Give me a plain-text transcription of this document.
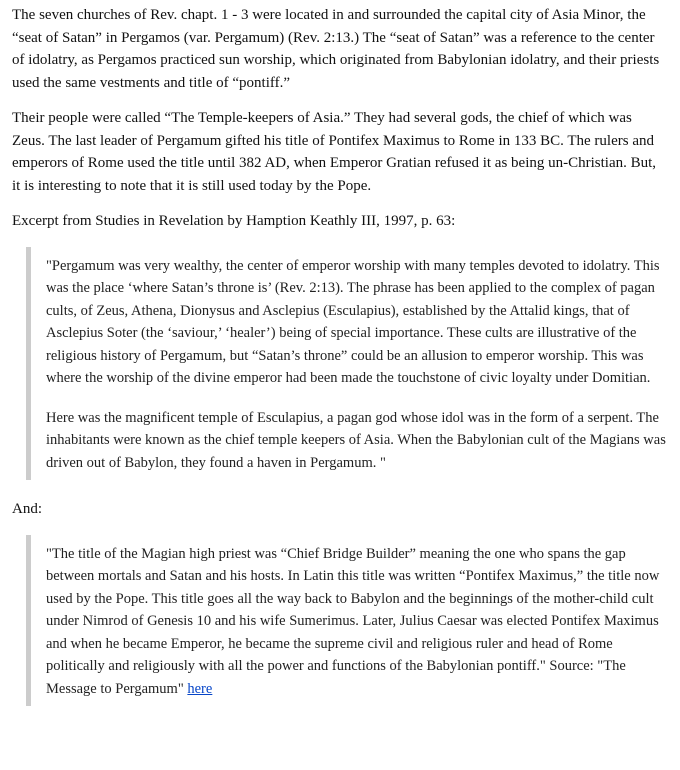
The seven churches of Rev. chapt. 1 - 3 were located in and surrounded the capital city of Asia Minor, the “seat of Satan” in Pergamos (var. Pergamum) (Rev. 2:13.) The “seat of Satan” was a reference to the center of idolatry, as Pergamos practiced sun worship, which originated from Babylonian idolatry, and their priests used the same vestments and title of “pontiff.”

Their people were called “The Temple-keepers of Asia.” They had several gods, the chief of which was Zeus. The last leader of Pergamum gifted his title of Pontifex Maximus to Rome in 133 BC. The rulers and emperors of Rome used the title until 382 AD, when Emperor Gratian refused it as being un-Christian. But, it is interesting to note that it is still used today by the Pope.

Excerpt from Studies in Revelation by Hamption Keathly III, 1997, p. 63:

"Pergamum was very wealthy, the center of emperor worship with many temples devoted to idolatry. This was the place ‘where Satan’s throne is’ (Rev. 2:13). The phrase has been applied to the complex of pagan cults, of Zeus, Athena, Dionysus and Asclepius (Esculapius), established by the Attalid kings, that of Asclepius Soter (the ‘saviour,’ ‘healer’) being of special importance. These cults are illustrative of the religious history of Pergamum, but “Satan’s throne” could be an allusion to emperor worship. This was where the worship of the divine emperor had been made the touchstone of civic loyalty under Domitian.

Here was the magnificent temple of Esculapius, a pagan god whose idol was in the form of a serpent. The inhabitants were known as the chief temple keepers of Asia. When the Babylonian cult of the Magians was driven out of Babylon, they found a haven in Pergamum. "

And:

"The title of the Magian high priest was “Chief Bridge Builder” meaning the one who spans the gap between mortals and Satan and his hosts. In Latin this title was written “Pontifex Maximus,” the title now used by the Pope. This title goes all the way back to Babylon and the beginnings of the mother-child cult under Nimrod of Genesis 10 and his wife Sumerimus. Later, Julius Caesar was elected Pontifex Maximus and when he became Emperor, he became the supreme civil and religious ruler and head of Rome politically and religiously with all the power and functions of the Babylonian pontiff." Source: "The Message to Pergamum" here
